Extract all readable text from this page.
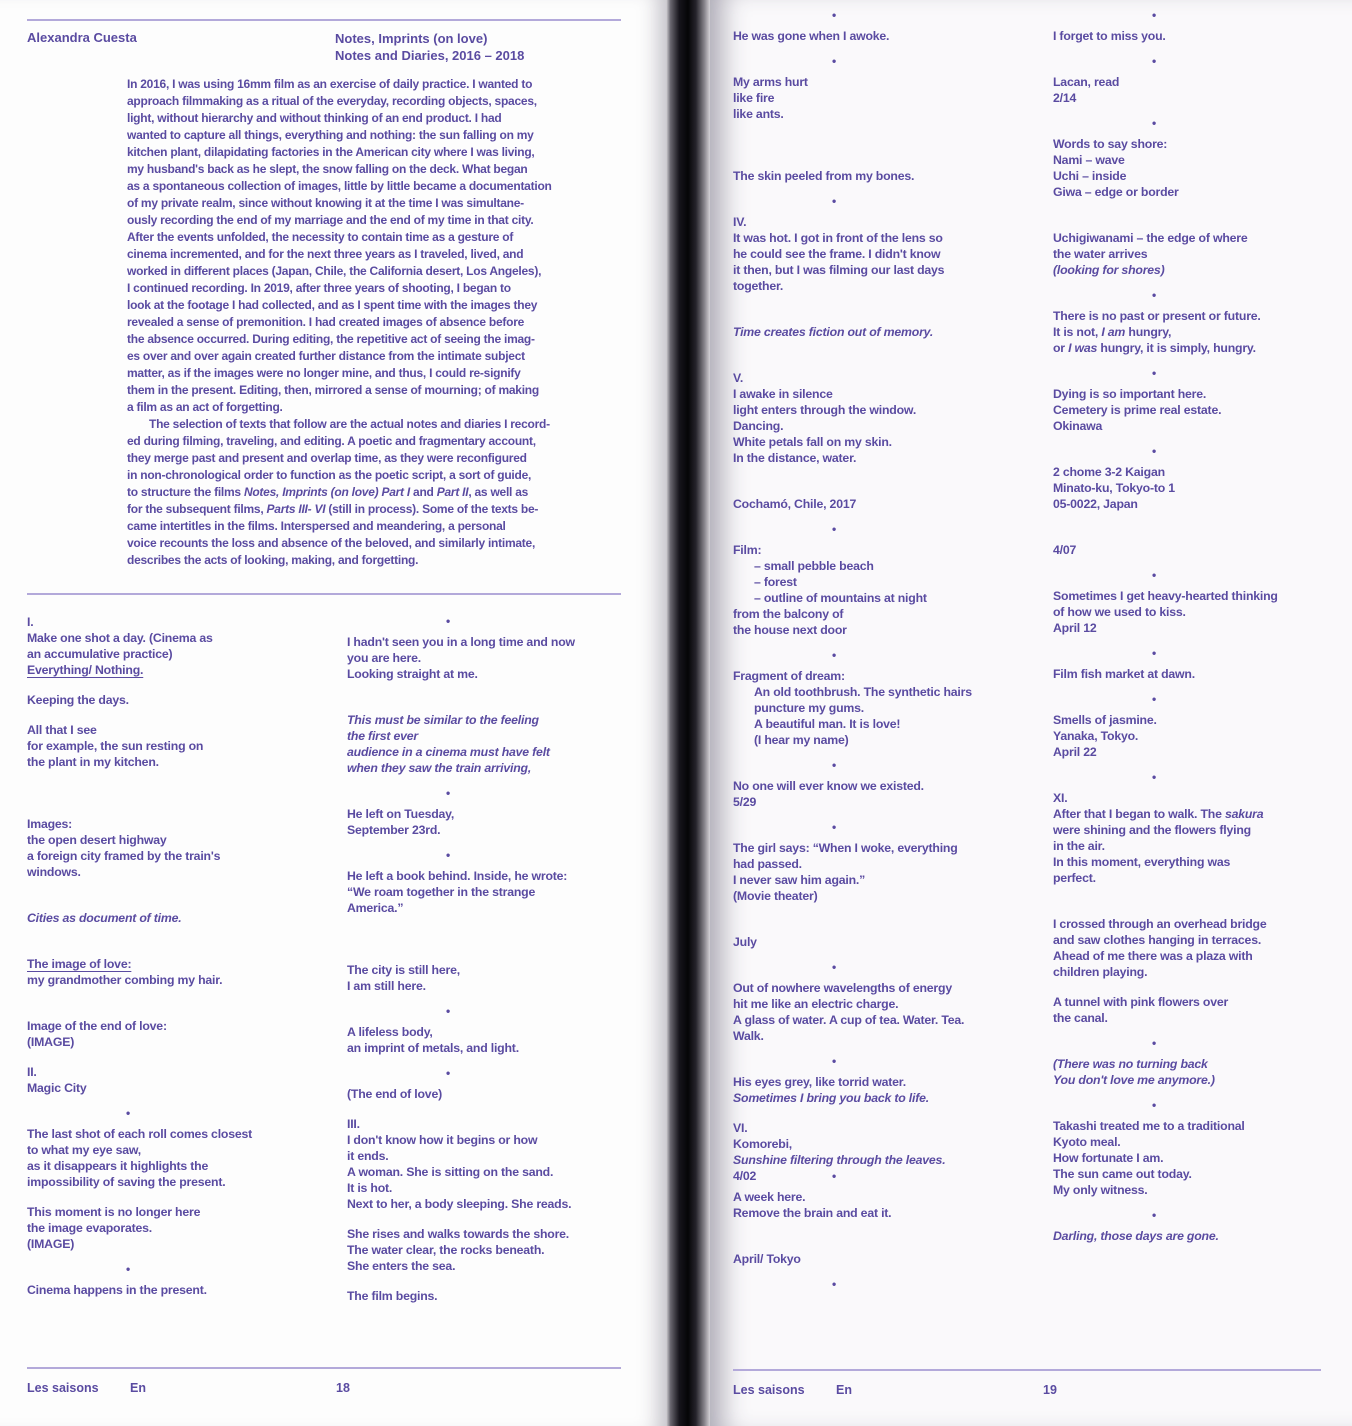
Alexandra Cuesta	Notes, Imprints (on love)
Notes and Diaries, 2016 – 2018
In 2016, I was using 16mm film as an exercise of daily practice. I wanted to
approach filmmaking as a ritual of the everyday, recording objects, spaces,
light, without hierarchy and without thinking of an end product. I had
wanted to capture all things, everything and nothing: the sun falling on my
kitchen plant, dilapidating factories in the American city where I was living,
my husband's back as he slept, the snow falling on the deck. What began
as a spontaneous collection of images, little by little became a documentation
of my private realm, since without knowing it at the time I was simultane-
ously recording the end of my marriage and the end of my time in that city.
After the events unfolded, the necessity to contain time as a gesture of
cinema incremented, and for the next three years as I traveled, lived, and
worked in different places (Japan, Chile, the California desert, Los Angeles),
I continued recording. In 2019, after three years of shooting, I began to
look at the footage I had collected, and as I spent time with the images they
revealed a sense of premonition. I had created images of absence before
the absence occurred. During editing, the repetitive act of seeing the imag-
es over and over again created further distance from the intimate subject
matter, as if the images were no longer mine, and thus, I could re-signify
them in the present. Editing, then, mirrored a sense of mourning; of making
a film as an act of forgetting.
The selection of texts that follow are the actual notes and diaries I record-
ed during filming, traveling, and editing. A poetic and fragmentary account,
they merge past and present and overlap time, as they were reconfigured
in non-chronological order to function as the poetic script, a sort of guide,
to structure the films Notes, Imprints (on love) Part I and Part II, as well as
for the subsequent films, Parts III- VI (still in process). Some of the texts be-
came intertitles in the films. Interspersed and meandering, a personal
voice recounts the loss and absence of the beloved, and similarly intimate,
describes the acts of looking, making, and forgetting.
I.
Make one shot a day. (Cinema as
an accumulative practice)
Everything/ Nothing.
Keeping the days.
All that I see
for example, the sun resting on
the plant in my kitchen.
Images:
the open desert highway
a foreign city framed by the train's
windows.
Cities as document of time.
The image of love:
my grandmother combing my hair.
Image of the end of love:
(IMAGE)
II.
Magic City
•
The last shot of each roll comes closest
to what my eye saw,
as it disappears it highlights the
impossibility of saving the present.
This moment is no longer here
the image evaporates.
(IMAGE)
•
Cinema happens in the present.
•
I hadn't seen you in a long time and now
you are here.
Looking straight at me.
This must be similar to the feeling
the first ever
audience in a cinema must have felt
when they saw the train arriving,
•
He left on Tuesday,
September 23rd.
•
He left a book behind. Inside, he wrote:
“We roam together in the strange
America.”
The city is still here,
I am still here.
•
A lifeless body,
an imprint of metals, and light.
•
(The end of love)
III.
I don't know how it begins or how
it ends.
A woman. She is sitting on the sand.
It is hot.
Next to her, a body sleeping. She reads.
She rises and walks towards the shore.
The water clear, the rocks beneath.
She enters the sea.
The film begins.
Les saisons	En	18
•
He was gone when I awoke.
•
My arms hurt
like fire
like ants.
The skin peeled from my bones.
•
IV.
It was hot. I got in front of the lens so
he could see the frame. I didn't know
it then, but I was filming our last days
together.
Time creates fiction out of memory.
V.
I awake in silence
light enters through the window.
Dancing.
White petals fall on my skin.
In the distance, water.
Cochamó, Chile, 2017
•
Film:
– small pebble beach
– forest
– outline of mountains at night
from the balcony of
the house next door
•
Fragment of dream:
An old toothbrush. The synthetic hairs
puncture my gums.
A beautiful man. It is love!
(I hear my name)
•
No one will ever know we existed.
5/29
•
The girl says: “When I woke, everything
had passed.
I never saw him again.”
(Movie theater)
July
•
Out of nowhere wavelengths of energy
hit me like an electric charge.
A glass of water. A cup of tea. Water. Tea.
Walk.
•
His eyes grey, like torrid water.
Sometimes I bring you back to life.
VI.
Komorebi,
Sunshine filtering through the leaves.
4/02	•
A week here.
Remove the brain and eat it.
April/ Tokyo
•
•
I forget to miss you.
•
Lacan, read
2/14
•
Words to say shore:
Nami – wave
Uchi – inside
Giwa – edge or border
Uchigiwanami – the edge of where
the water arrives
(looking for shores)
•
There is no past or present or future.
It is not, I am hungry,
or I was hungry, it is simply, hungry.
•
Dying is so important here.
Cemetery is prime real estate.
Okinawa
•
2 chome 3-2 Kaigan
Minato-ku, Tokyo-to 1
05-0022, Japan
4/07
•
Sometimes I get heavy-hearted thinking
of how we used to kiss.
April 12
•
Film fish market at dawn.
•
Smells of jasmine.
Yanaka, Tokyo.
April 22
•
XI.
After that I began to walk. The sakura
were shining and the flowers flying
in the air.
In this moment, everything was
perfect.
I crossed through an overhead bridge
and saw clothes hanging in terraces.
Ahead of me there was a plaza with
children playing.
A tunnel with pink flowers over
the canal.
•
(There was no turning back
You don't love me anymore.)
•
Takashi treated me to a traditional
Kyoto meal.
How fortunate I am.
The sun came out today.
My only witness.
•
Darling, those days are gone.
Les saisons	En	19
